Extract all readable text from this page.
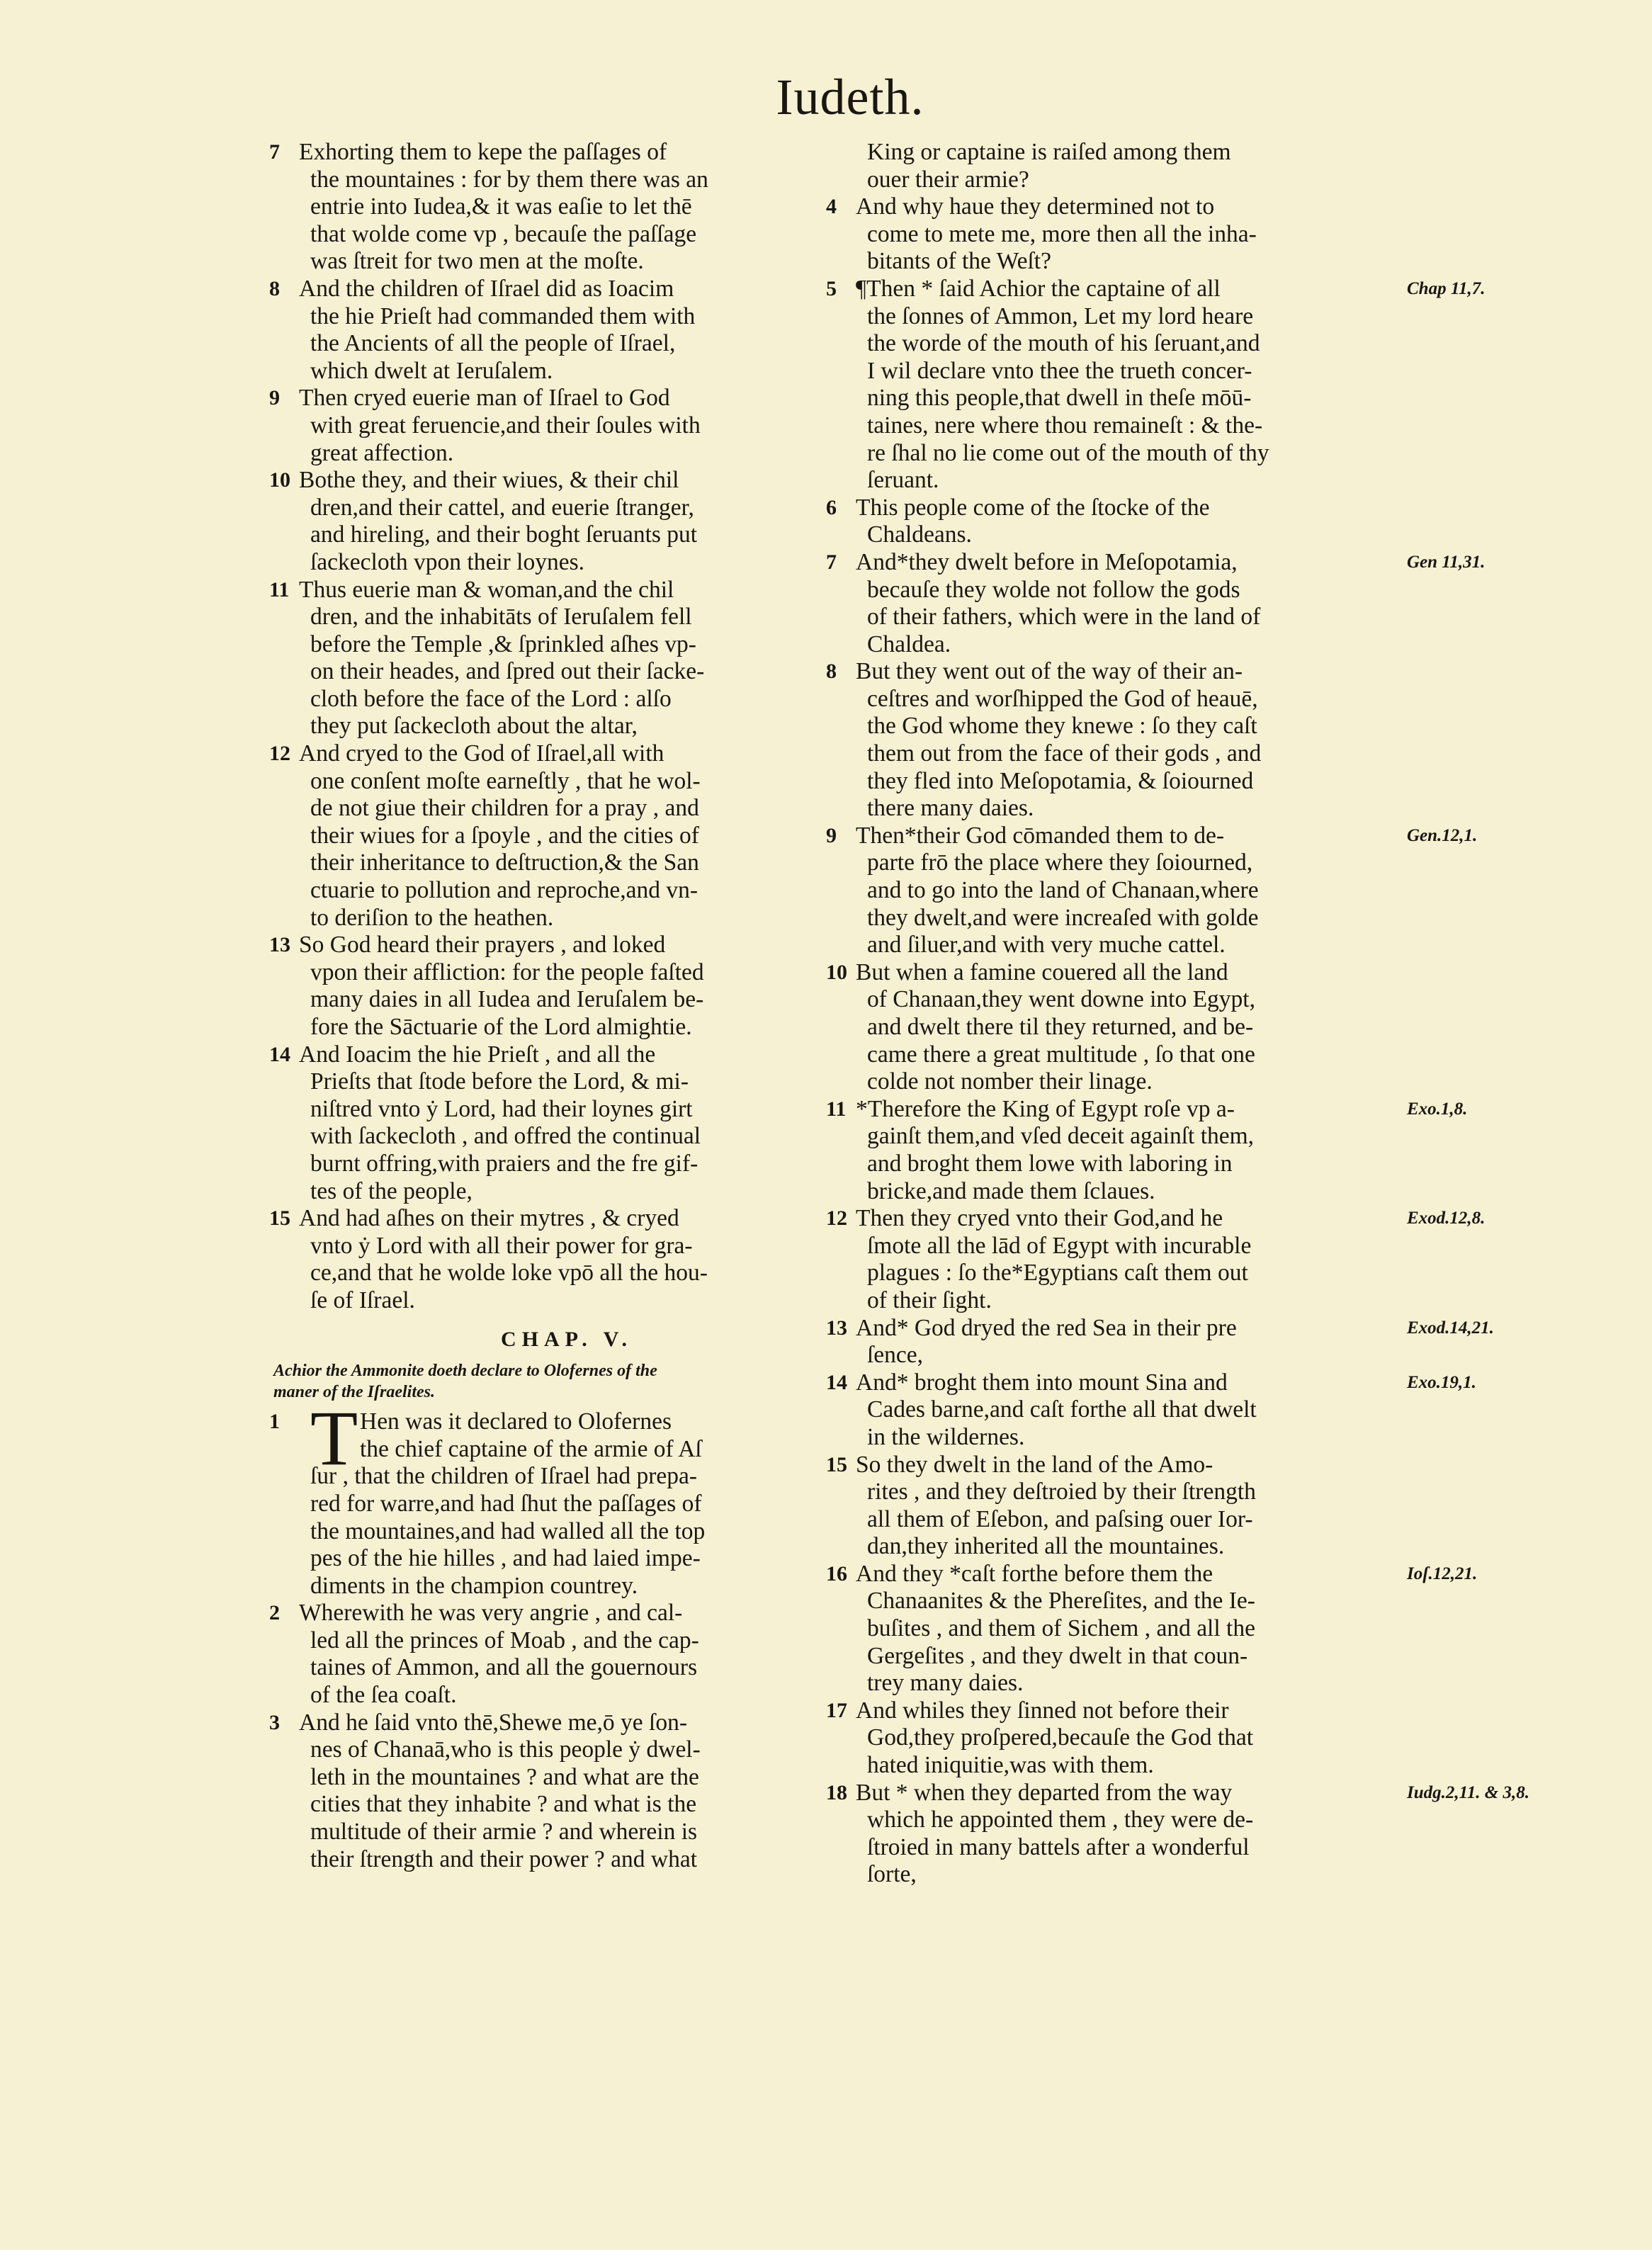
Iudeth.
7 Exhorting them to kepe the paſſages of
the mountaines : for by them there was an
entrie into Iudea,& it was eaſie to let thē
that wolde come vp , becauſe the paſſage
was ſtreit for two men at the moſte.
8 And the children of Iſrael did as Ioacim
the hie Prieſt had commanded them with
the Ancients of all the people of Iſrael,
which dwelt at Ieruſalem.
9 Then cryed euerie man of Iſrael to God
with great feruencie,and their ſoules with
great affection.
10 Bothe they, and their wiues, & their chil
dren,and their cattel, and euerie ſtranger,
and hireling, and their boght ſeruants put
ſackecloth vpon their loynes.
11 Thus euerie man & woman,and the chil
dren, and the inhabitāts of Ieruſalem fell
before the Temple ,& ſprinkled aſhes vp-
on their heades, and ſpred out their ſacke-
cloth before the face of the Lord : alſo
they put ſackecloth about the altar,
12 And cryed to the God of Iſrael,all with
one conſent moſte earneſtly , that he wol-
de not giue their children for a pray , and
their wiues for a ſpoyle , and the cities of
their inheritance to deſtruction,& the San
ctuarie to pollution and reproche,and vn-
to deriſion to the heathen.
13 So God heard their prayers , and loked
vpon their affliction: for the people faſted
many daies in all Iudea and Ieruſalem be-
fore the Sāctuarie of the Lord almightie.
14 And Ioacim the hie Prieſt , and all the
Prieſts that ſtode before the Lord, & mi-
niſtred vnto ẏ Lord, had their loynes girt
with ſackecloth , and offred the continual
burnt offring,with praiers and the fre gif-
tes of the people,
15 And had aſhes on their mytres , & cryed
vnto ẏ Lord with all their power for gra-
ce,and that he wolde loke vpō all the hou-
ſe of Iſrael.
CHAP. V.
Achior the Ammonite doeth declare to Olofernes of the
maner of the Iſraelites.
1 T Hen was it declared to Olofernes
the chief captaine of the armie of Aſ
ſur , that the children of Iſrael had prepa-
red for warre,and had ſhut the paſſages of
the mountaines,and had walled all the top
pes of the hie hilles , and had laied impe-
diments in the champion countrey.
2 Wherewith he was very angrie , and cal-
led all the princes of Moab , and the cap-
taines of Ammon, and all the gouernours
of the ſea coaſt.
3 And he ſaid vnto thē,Shewe me,ō ye ſon-
nes of Chanaā,who is this people ẏ dwel-
leth in the mountaines ? and what are the
cities that they inhabite ? and what is the
multitude of their armie ? and wherein is
their ſtrength and their power ? and what
King or captaine is raiſed among them
ouer their armie?
4 And why haue they determined not to
come to mete me, more then all the inha-
bitants of the Weſt?
5 ¶Then * ſaid Achior the captaine of all
the ſonnes of Ammon, Let my lord heare
the worde of the mouth of his ſeruant,and
I wil declare vnto thee the trueth concer-
ning this people,that dwell in theſe mōū-
taines, nere where thou remaineſt : & the-
re ſhal no lie come out of the mouth of thy
ſeruant.
Chap 11,7.
6 This people come of the ſtocke of the
Chaldeans.
7 And*they dwelt before in Meſopotamia,
becauſe they wolde not follow the gods
of their fathers, which were in the land of
Chaldea.
Gen 11,31.
8 But they went out of the way of their an-
ceſtres and worſhipped the God of heauē,
the God whome they knewe : ſo they caſt
them out from the face of their gods , and
they fled into Meſopotamia, & ſoiourned
there many daies.
9 Then*their God cōmanded them to de-
parte frō the place where they ſoiourned,
and to go into the land of Chanaan,where
they dwelt,and were increaſed with golde
and ſiluer,and with very muche cattel.
Gen.12,1.
10 But when a famine couered all the land
of Chanaan,they went downe into Egypt,
and dwelt there til they returned, and be-
came there a great multitude , ſo that one
colde not nomber their linage.
11 *Therefore the King of Egypt roſe vp a-
gainſt them,and vſed deceit againſt them,
and broght them lowe with laboring in
bricke,and made them ſclaues.
Exo.1,8.
12 Then they cryed vnto their God,and he
ſmote all the lād of Egypt with incurable
plagues : ſo the*Egyptians caſt them out
of their ſight.
Exod.12,8.
13 And* God dryed the red Sea in their pre
ſence,
Exod.14,21.
14 And* broght them into mount Sina and
Cades barne,and caſt forthe all that dwelt
in the wildernes.
Exo.19,1.
15 So they dwelt in the land of the Amo-
rites , and they deſtroied by their ſtrength
all them of Eſebon, and paſsing ouer Ior-
dan,they inherited all the mountaines.
16 And they *caſt forthe before them the
Chanaanites & the Phereſites, and the Ie-
buſites , and them of Sichem , and all the
Gergeſites , and they dwelt in that coun-
trey many daies.
Ioſ.12,21.
17 And whiles they ſinned not before their
God,they proſpered,becauſe the God that
hated iniquitie,was with them.
18 But * when they departed from the way
which he appointed them , they were de-
ſtroied in many battels after a wonderful
ſorte,
Iudg.2,11. & 3,8.
